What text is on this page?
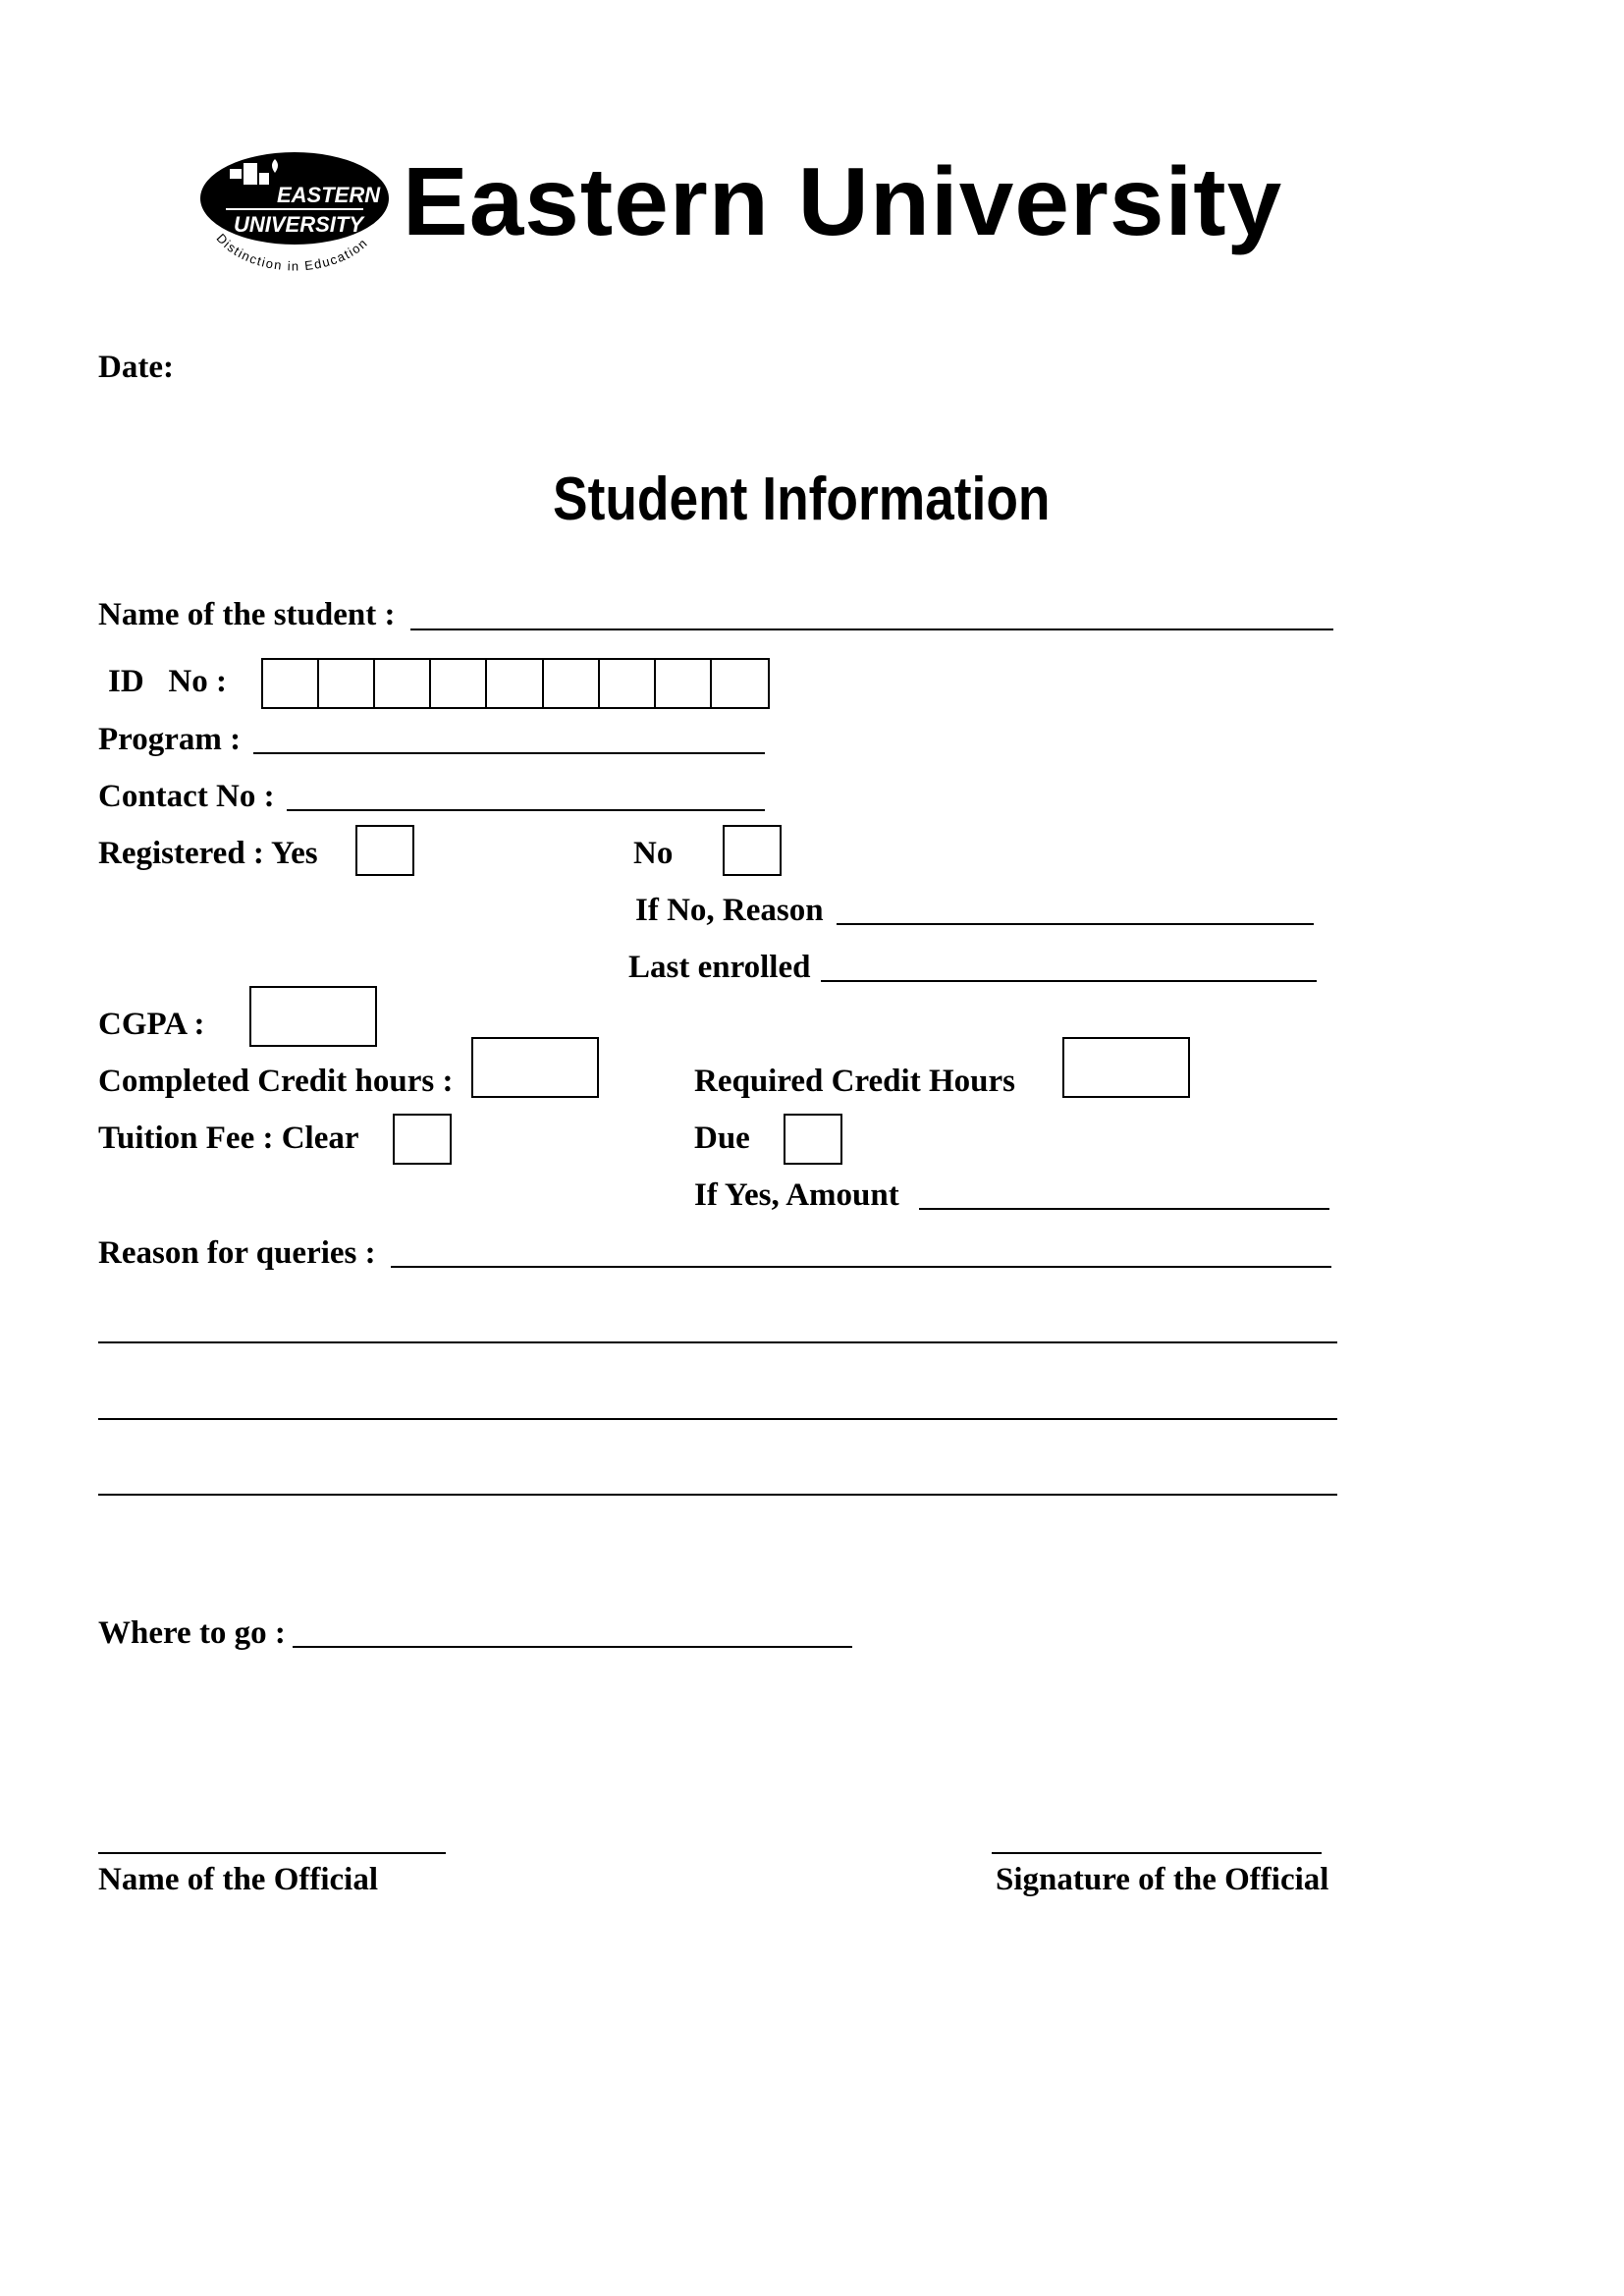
EASTERN
UNIVERSITY
Distinction in Education Eastern University
Date:
Student Information
Name of the student :
ID   No :
Program :
Contact No :
Registered : Yes	No
If No, Reason
Last enrolled
CGPA :
Completed Credit hours :	Required Credit Hours
Tuition Fee : Clear	Due
If Yes, Amount
Reason for queries :
Where to go :
Name of the Official	Signature of the Official
